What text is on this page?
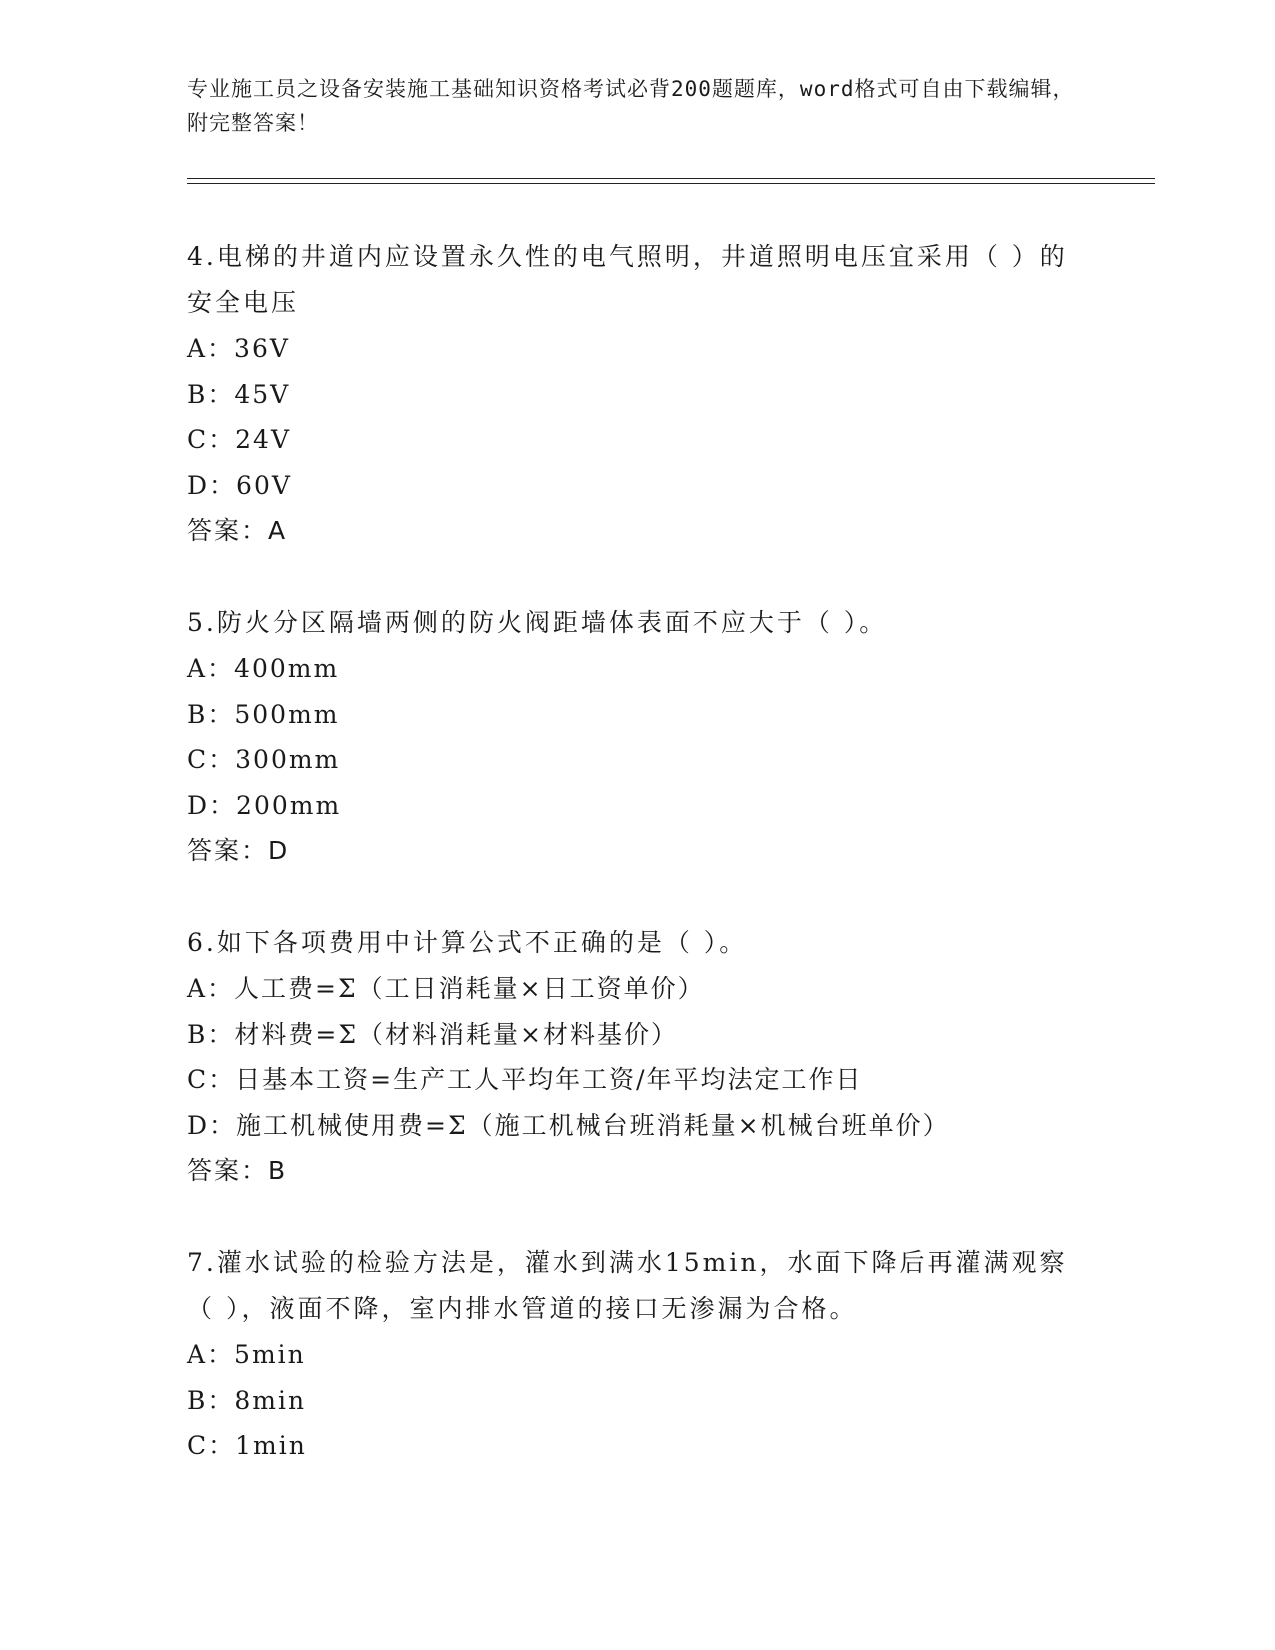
专业施工员之设备安装施工基础知识资格考试必背200题题库，word格式可自由下载编辑，附完整答案！
4.电梯的井道内应设置永久性的电气照明，井道照明电压宜采用（ ）的安全电压
A：36V
B：45V
C：24V
D：60V
答案：A
5.防火分区隔墙两侧的防火阀距墙体表面不应大于（ ）。
A：400mm
B：500mm
C：300mm
D：200mm
答案：D
6.如下各项费用中计算公式不正确的是（ ）。
A：人工费=Σ（工日消耗量×日工资单价）
B：材料费=Σ（材料消耗量×材料基价）
C：日基本工资=生产工人平均年工资/年平均法定工作日
D：施工机械使用费=Σ（施工机械台班消耗量×机械台班单价）
答案：B
7.灌水试验的检验方法是，灌水到满水15min，水面下降后再灌满观察（ ），液面不降，室内排水管道的接口无渗漏为合格。
A：5min
B：8min
C：1min
